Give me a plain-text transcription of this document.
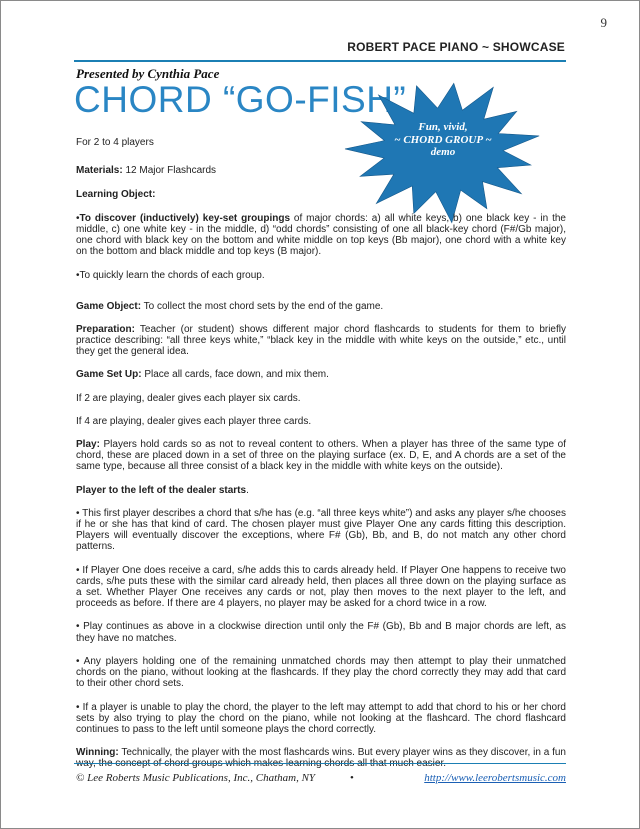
9
ROBERT PACE PIANO ~ SHOWCASE
Presented by Cynthia Pace
CHORD “GO-FISH”
Fun, vivid,
~ CHORD GROUP ~
demo

For 2 to 4 players

Materials: 12 Major Flashcards

Learning Object:

•To discover (inductively) key-set groupings of major chords: a) all white keys, b) one black key - in the middle, c) one white key - in the middle, d) “odd chords” consisting of one all black-key chord (F#/Gb major), one chord with black key on the bottom and white middle on top keys (Bb major), one chord with a white key on the bottom and black middle and top keys (B major).

•To quickly learn the chords of each group.

Game Object: To collect the most chord sets by the end of the game.

Preparation: Teacher (or student) shows different major chord flashcards to students for them to briefly practice describing: “all three keys white,” “black key in the middle with white keys on the outside,” etc., until they get the general idea.

Game Set Up: Place all cards, face down, and mix them.

If 2 are playing, dealer gives each player six cards.

If 4 are playing, dealer gives each player three cards.

Play: Players hold cards so as not to reveal content to others. When a player has three of the same type of chord, these are placed down in a set of three on the playing surface (ex. D, E, and A chords are a set of the same type, because all three consist of a black key in the middle with white keys on the outside).

Player to the left of the dealer starts.

• This first player describes a chord that s/he has (e.g. “all three keys white”) and asks any player s/he chooses if he or she has that kind of card. The chosen player must give Player One any cards fitting this description. Players will eventually discover the exceptions, where F# (Gb), Bb, and B, do not match any other chord patterns.

• If Player One does receive a card, s/he adds this to cards already held. If Player One happens to receive two cards, s/he puts these with the similar card already held, then places all three down on the playing surface as a set. Whether Player One receives any cards or not, play then moves to the next player to the left, and proceeds as before. If there are 4 players, no player may be asked for a chord twice in a row.

• Play continues as above in a clockwise direction until only the F# (Gb), Bb and B major chords are left, as they have no matches.

• Any players holding one of the remaining unmatched chords may then attempt to play their unmatched chords on the piano, without looking at the flashcards. If they play the chord correctly they may add that card to their other chord sets.

• If a player is unable to play the chord, the player to the left may attempt to add that chord to his or her chord sets by also trying to play the chord on the piano, while not looking at the flashcard. The chord flashcard continues to pass to the left until someone plays the chord correctly.

Winning: Technically, the player with the most flashcards wins. But every player wins as they discover, in a fun way, the concept of chord groups which makes learning chords all that much easier.

© Lee Roberts Music Publications, Inc., Chatham, NY	•	http://www.leerobertsmusic.com
